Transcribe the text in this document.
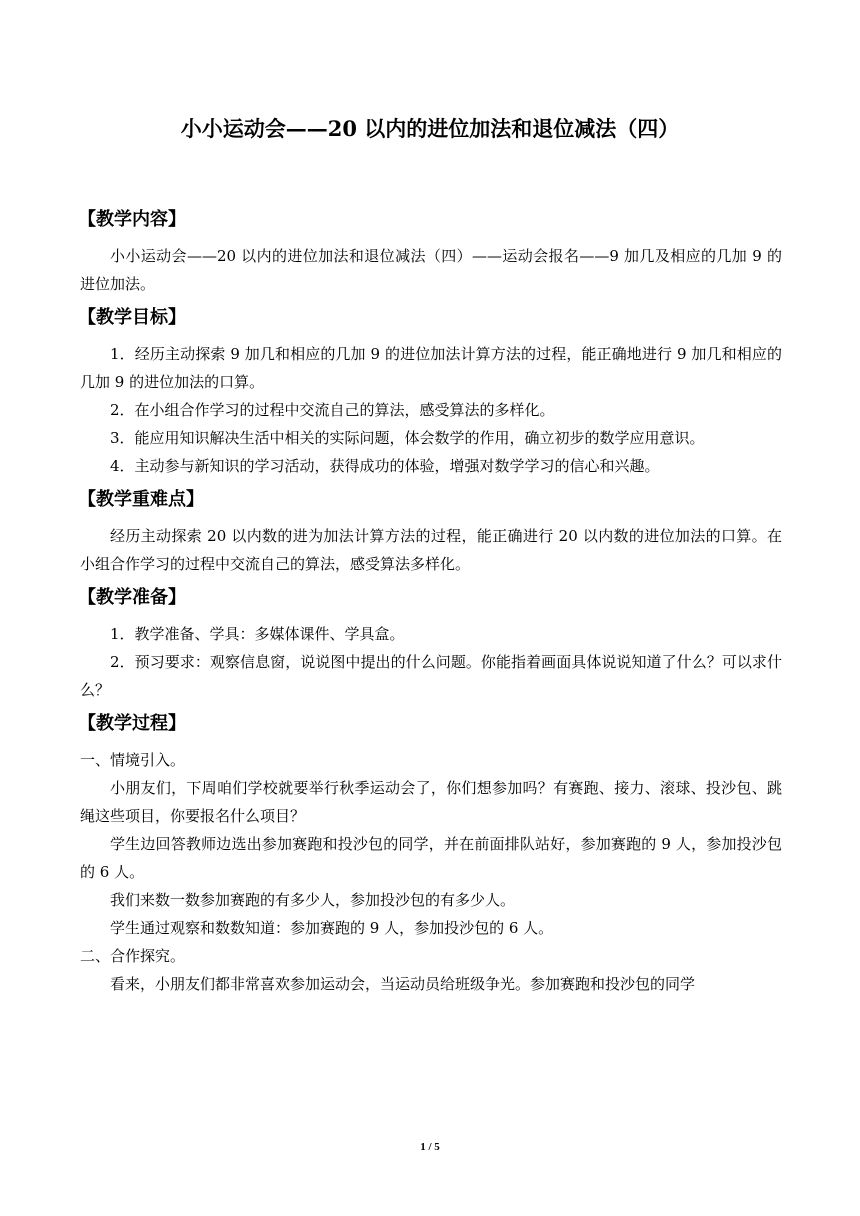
小小运动会——20 以内的进位加法和退位减法（四）
【教学内容】

小小运动会——20 以内的进位加法和退位减法（四）——运动会报名——9 加几及相应的几加 9 的进位加法。

【教学目标】

1．经历主动探索 9 加几和相应的几加 9 的进位加法计算方法的过程，能正确地进行 9 加几和相应的几加 9 的进位加法的口算。

2．在小组合作学习的过程中交流自己的算法，感受算法的多样化。

3．能应用知识解决生活中相关的实际问题，体会数学的作用，确立初步的数学应用意识。

4．主动参与新知识的学习活动，获得成功的体验，增强对数学学习的信心和兴趣。

【教学重难点】

经历主动探索 20 以内数的进为加法计算方法的过程，能正确进行 20 以内数的进位加法的口算。在小组合作学习的过程中交流自己的算法，感受算法多样化。

【教学准备】

1．教学准备、学具：多媒体课件、学具盒。

2．预习要求：观察信息窗，说说图中提出的什么问题。你能指着画面具体说说知道了什么？可以求什么？

【教学过程】

一、情境引入。

小朋友们，下周咱们学校就要举行秋季运动会了，你们想参加吗？有赛跑、接力、滚球、投沙包、跳绳这些项目，你要报名什么项目？

学生边回答教师边选出参加赛跑和投沙包的同学，并在前面排队站好，参加赛跑的 9 人，参加投沙包的 6 人。

我们来数一数参加赛跑的有多少人，参加投沙包的有多少人。

学生通过观察和数数知道：参加赛跑的 9 人，参加投沙包的 6 人。

二、合作探究。

看来，小朋友们都非常喜欢参加运动会，当运动员给班级争光。参加赛跑和投沙包的同学

1 / 5
